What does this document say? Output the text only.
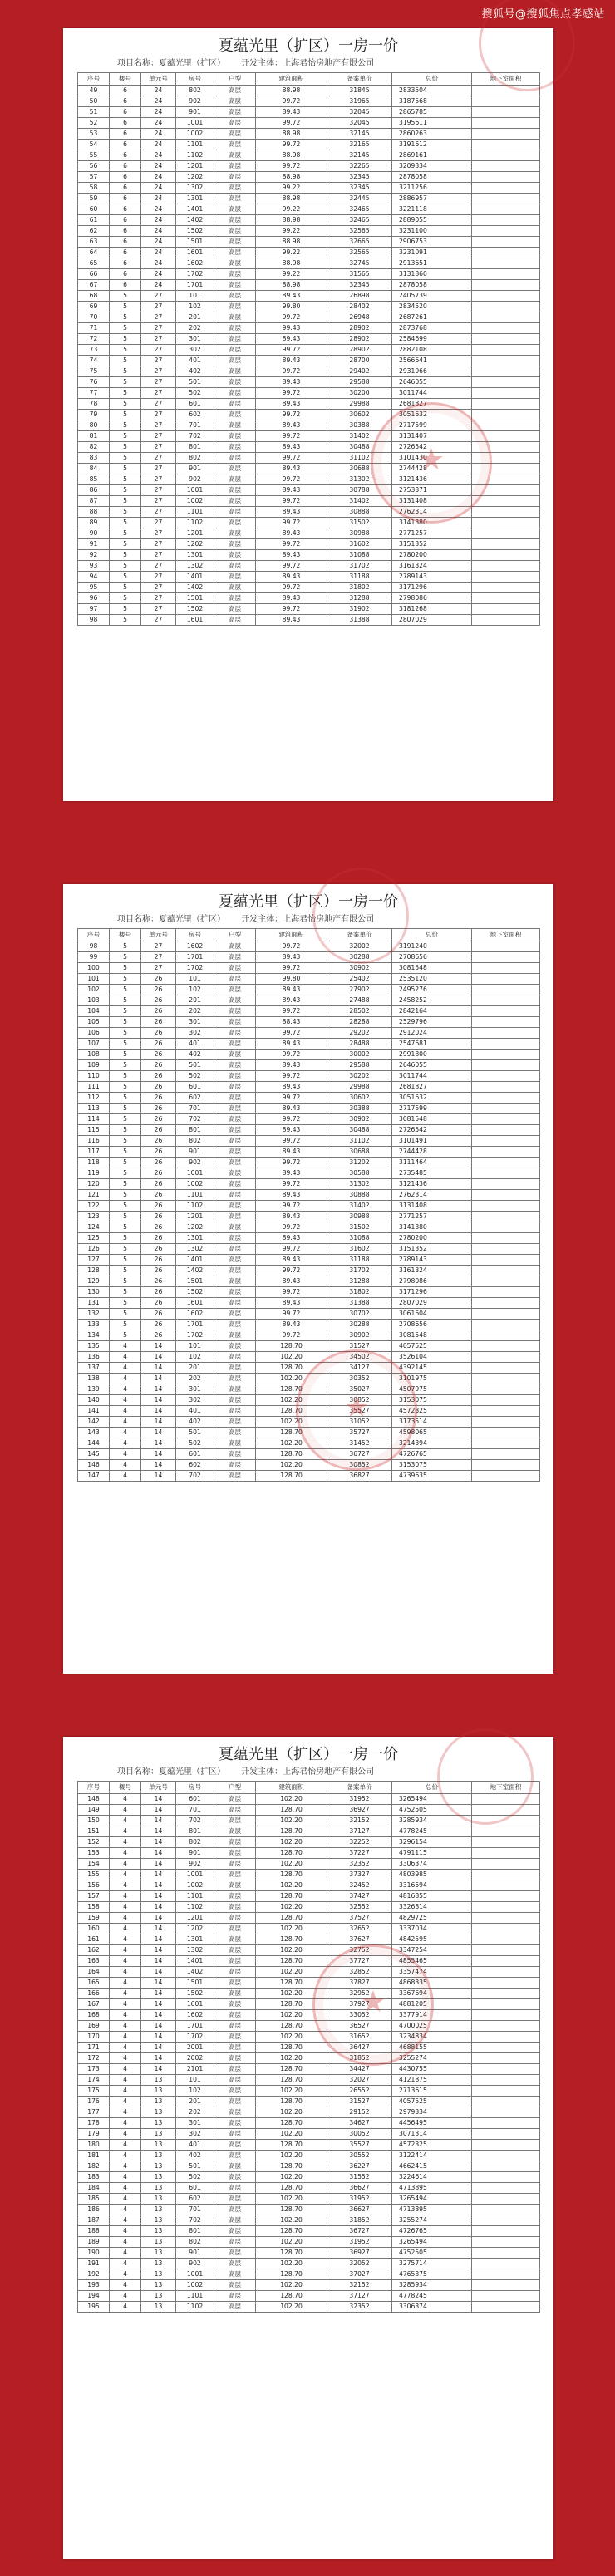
搜狐号@搜狐焦点孝感站
夏蕴光里（扩区）一房一价
项目名称：夏蕴光里（扩区） 开发主体：上海君怡房地产有限公司
序号	楼号	单元号	房号	户型	建筑面积	备案单价	总价	地下室面积
49	6	24	802	高层	88.98	31845	2833504	
50	6	24	902	高层	99.72	31965	3187568	
51	6	24	901	高层	89.43	32045	2865785	
52	6	24	1001	高层	99.72	32045	3195611	
53	6	24	1002	高层	88.98	32145	2860263	
54	6	24	1101	高层	99.72	32165	3191612	
55	6	24	1102	高层	88.98	32145	2869161	
56	6	24	1201	高层	99.72	32265	3209334	
57	6	24	1202	高层	88.98	32345	2878058	
58	6	24	1302	高层	99.22	32345	3211256	
59	6	24	1301	高层	88.98	32445	2886957	
60	6	24	1401	高层	99.22	32465	3221118	
61	6	24	1402	高层	88.98	32465	2889055	
62	6	24	1502	高层	99.22	32565	3231100	
63	6	24	1501	高层	88.98	32665	2906753	
64	6	24	1601	高层	99.22	32565	3231091	
65	6	24	1602	高层	88.98	32745	2913651	
66	6	24	1702	高层	99.22	31565	3131860	
67	6	24	1701	高层	88.98	32345	2878058	
68	5	27	101	高层	89.43	26898	2405739	
69	5	27	102	高层	99.80	28402	2834520	
70	5	27	201	高层	99.72	26948	2687261	
71	5	27	202	高层	99.43	28902	2873768	
72	5	27	301	高层	89.43	28902	2584699	
73	5	27	302	高层	99.72	28902	2882108	
74	5	27	401	高层	89.43	28700	2566641	
75	5	27	402	高层	99.72	29402	2931966	
76	5	27	501	高层	89.43	29588	2646055	
77	5	27	502	高层	99.72	30200	3011744	
78	5	27	601	高层	89.43	29988	2681827	
79	5	27	602	高层	99.72	30602	3051632	
80	5	27	701	高层	89.43	30388	2717599	
81	5	27	702	高层	99.72	31402	3131407	
82	5	27	801	高层	89.43	30488	2726542	
83	5	27	802	高层	99.72	31102	3101430	
84	5	27	901	高层	89.43	30688	2744428	
85	5	27	902	高层	99.72	31302	3121436	
86	5	27	1001	高层	89.43	30788	2753371	
87	5	27	1002	高层	99.72	31402	3131408	
88	5	27	1101	高层	89.43	30888	2762314	
89	5	27	1102	高层	99.72	31502	3141380	
90	5	27	1201	高层	89.43	30988	2771257	
91	5	27	1202	高层	99.72	31602	3151352	
92	5	27	1301	高层	89.43	31088	2780200	
93	5	27	1302	高层	99.72	31702	3161324	
94	5	27	1401	高层	89.43	31188	2789143	
95	5	27	1402	高层	99.72	31802	3171296	
96	5	27	1501	高层	89.43	31288	2798086	
97	5	27	1502	高层	99.72	31902	3181268	
98	5	27	1601	高层	89.43	31388	2807029	
★
夏蕴光里（扩区）一房一价
项目名称：夏蕴光里（扩区） 开发主体：上海君怡房地产有限公司
序号	楼号	单元号	房号	户型	建筑面积	备案单价	总价	地下室面积
98	5	27	1602	高层	99.72	32002	3191240	
99	5	27	1701	高层	89.43	30288	2708656	
100	5	27	1702	高层	99.72	30902	3081548	
101	5	26	101	高层	99.80	25402	2535120	
102	5	26	102	高层	89.43	27902	2495276	
103	5	26	201	高层	89.43	27488	2458252	
104	5	26	202	高层	99.72	28502	2842164	
105	5	26	301	高层	88.43	28288	2529796	
106	5	26	302	高层	99.72	29202	2912024	
107	5	26	401	高层	89.43	28488	2547681	
108	5	26	402	高层	99.72	30002	2991800	
109	5	26	501	高层	89.43	29588	2646055	
110	5	26	502	高层	99.72	30202	3011744	
111	5	26	601	高层	89.43	29988	2681827	
112	5	26	602	高层	99.72	30602	3051632	
113	5	26	701	高层	89.43	30388	2717599	
114	5	26	702	高层	99.72	30902	3081548	
115	5	26	801	高层	89.43	30488	2726542	
116	5	26	802	高层	99.72	31102	3101491	
117	5	26	901	高层	89.43	30688	2744428	
118	5	26	902	高层	99.72	31202	3111464	
119	5	26	1001	高层	89.43	30588	2735485	
120	5	26	1002	高层	99.72	31302	3121436	
121	5	26	1101	高层	89.43	30888	2762314	
122	5	26	1102	高层	99.72	31402	3131408	
123	5	26	1201	高层	89.43	30988	2771257	
124	5	26	1202	高层	99.72	31502	3141380	
125	5	26	1301	高层	89.43	31088	2780200	
126	5	26	1302	高层	99.72	31602	3151352	
127	5	26	1401	高层	89.43	31188	2789143	
128	5	26	1402	高层	99.72	31702	3161324	
129	5	26	1501	高层	89.43	31288	2798086	
130	5	26	1502	高层	99.72	31802	3171296	
131	5	26	1601	高层	89.43	31388	2807029	
132	5	26	1602	高层	99.72	30702	3061604	
133	5	26	1701	高层	89.43	30288	2708656	
134	5	26	1702	高层	99.72	30902	3081548	
135	4	14	101	高层	128.70	31527	4057525	
136	4	14	102	高层	102.20	34502	3526104	
137	4	14	201	高层	128.70	34127	4392145	
138	4	14	202	高层	102.20	30352	3101975	
139	4	14	301	高层	128.70	35027	4507975	
140	4	14	302	高层	102.20	30852	3153075	
141	4	14	401	高层	128.70	35527	4572325	
142	4	14	402	高层	102.20	31052	3173514	
143	4	14	501	高层	128.70	35727	4598065	
144	4	14	502	高层	102.20	31452	3214394	
145	4	14	601	高层	128.70	36727	4726765	
146	4	14	602	高层	102.20	30852	3153075	
147	4	14	702	高层	128.70	36827	4739635	
★
夏蕴光里（扩区）一房一价
项目名称：夏蕴光里（扩区） 开发主体：上海君怡房地产有限公司
序号	楼号	单元号	房号	户型	建筑面积	备案单价	总价	地下室面积
148	4	14	601	高层	102.20	31952	3265494	
149	4	14	701	高层	128.70	36927	4752505	
150	4	14	702	高层	102.20	32152	3285934	
151	4	14	801	高层	128.70	37127	4778245	
152	4	14	802	高层	102.20	32252	3296154	
153	4	14	901	高层	128.70	37227	4791115	
154	4	14	902	高层	102.20	32352	3306374	
155	4	14	1001	高层	128.70	37327	4803985	
156	4	14	1002	高层	102.20	32452	3316594	
157	4	14	1101	高层	128.70	37427	4816855	
158	4	14	1102	高层	102.20	32552	3326814	
159	4	14	1201	高层	128.70	37527	4829725	
160	4	14	1202	高层	102.20	32652	3337034	
161	4	14	1301	高层	128.70	37627	4842595	
162	4	14	1302	高层	102.20	32752	3347254	
163	4	14	1401	高层	128.70	37727	4855465	
164	4	14	1402	高层	102.20	32852	3357474	
165	4	14	1501	高层	128.70	37827	4868335	
166	4	14	1502	高层	102.20	32952	3367694	
167	4	14	1601	高层	128.70	37927	4881205	
168	4	14	1602	高层	102.20	33052	3377914	
169	4	14	1701	高层	128.70	36527	4700025	
170	4	14	1702	高层	102.20	31652	3234834	
171	4	14	2001	高层	128.70	36427	4688155	
172	4	14	2002	高层	102.20	31852	3255274	
173	4	14	2101	高层	128.70	34427	4430755	
174	4	13	101	高层	128.70	32027	4121875	
175	4	13	102	高层	102.20	26552	2713615	
176	4	13	201	高层	128.70	31527	4057525	
177	4	13	202	高层	102.20	29152	2979334	
178	4	13	301	高层	128.70	34627	4456495	
179	4	13	302	高层	102.20	30052	3071314	
180	4	13	401	高层	128.70	35527	4572325	
181	4	13	402	高层	102.20	30552	3122414	
182	4	13	501	高层	128.70	36227	4662415	
183	4	13	502	高层	102.20	31552	3224614	
184	4	13	601	高层	128.70	36627	4713895	
185	4	13	602	高层	102.20	31952	3265494	
186	4	13	701	高层	128.70	36627	4713895	
187	4	13	702	高层	102.20	31852	3255274	
188	4	13	801	高层	128.70	36727	4726765	
189	4	13	802	高层	102.20	31952	3265494	
190	4	13	901	高层	128.70	36927	4752505	
191	4	13	902	高层	102.20	32052	3275714	
192	4	13	1001	高层	128.70	37027	4765375	
193	4	13	1002	高层	102.20	32152	3285934	
194	4	13	1101	高层	128.70	37127	4778245	
195	4	13	1102	高层	102.20	32352	3306374	
★
